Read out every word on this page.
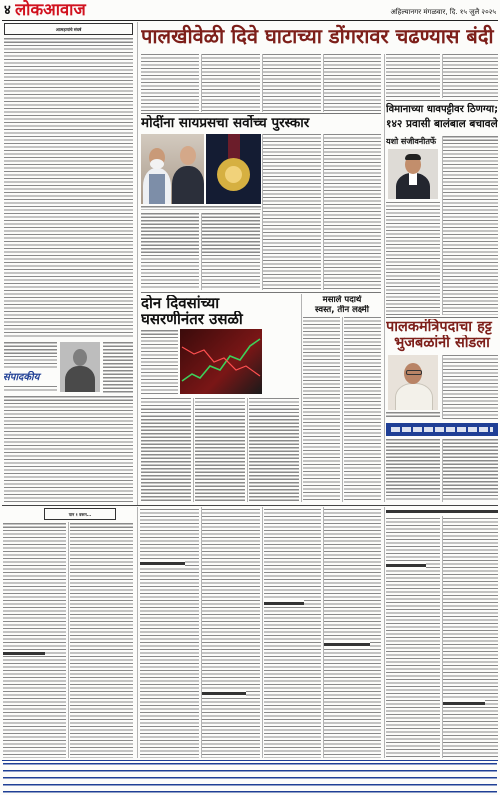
४ लोकआवाज	अहिल्यानगर मंगळवार, दि. १५ जुलै २०२५
आत्महत्यांचे संघर्ष
संपादकीय
पालखीवेळी दिवे घाटाच्या डोंगरावर चढण्यास बंदी
मोदींना सायप्रसचा सर्वोच्च पुरस्कार
विमानाच्या धावपट्टीवर ठिणग्या;
१४२ प्रवासी बालंबाल बचावले
यशो संजीवनीतर्फे
दोन दिवसांच्या
घसरणीनंतर उसळी
मसाले पदार्थ
स्वस्त, तीन लक्ष्मी
पालकमंत्रिपदाचा हट्ट
भुजबळांनी सोडला
पान १ वरून...
